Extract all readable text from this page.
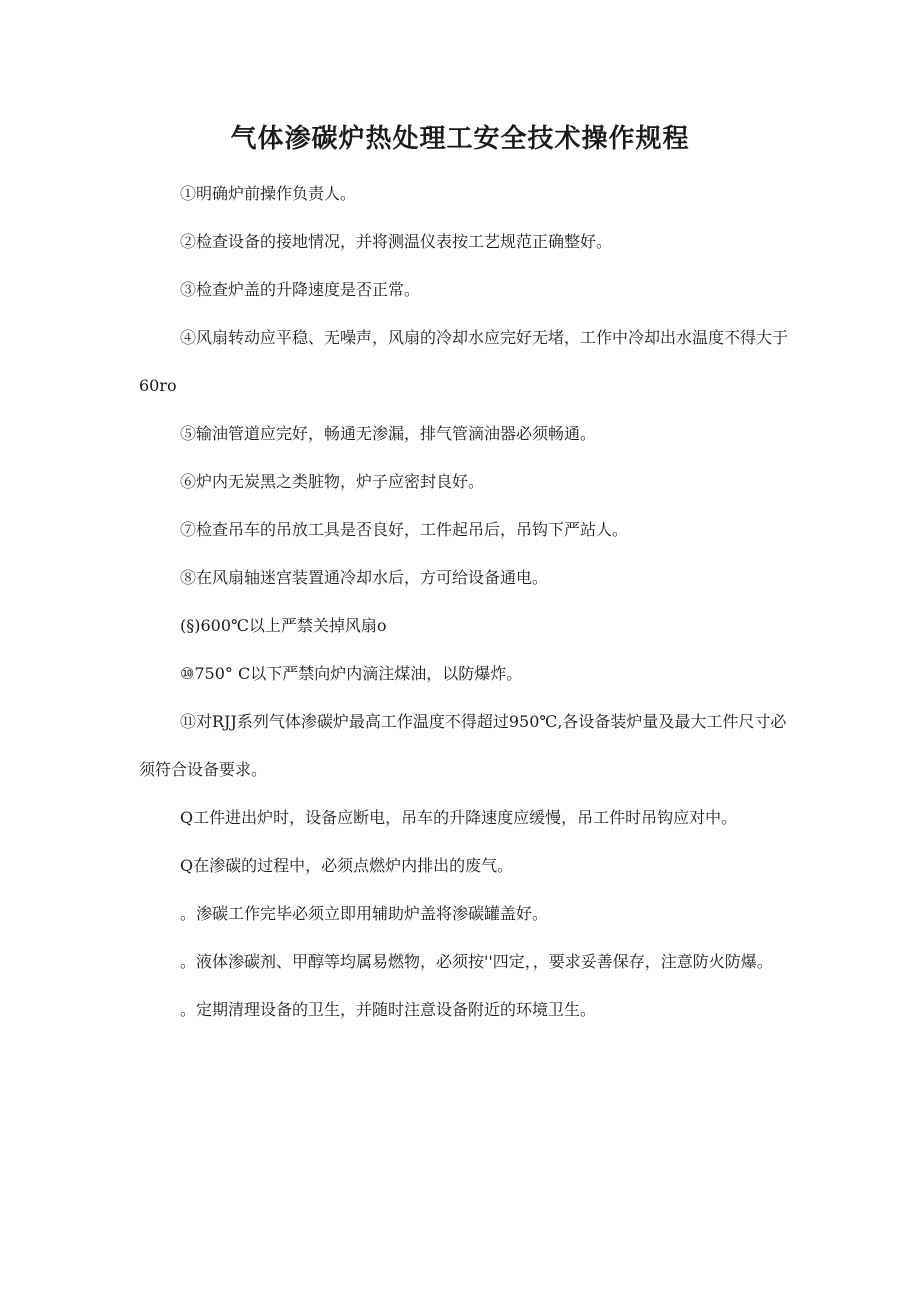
气体渗碳炉热处理工安全技术操作规程

①明确炉前操作负责人。

②检查设备的接地情况，并将测温仪表按工艺规范正确整好。

③检查炉盖的升降速度是否正常。

④风扇转动应平稳、无噪声，风扇的冷却水应完好无堵，工作中冷却出水温度不得大于60ro

⑤输油管道应完好，畅通无渗漏，排气管滴油器必须畅通。

⑥炉内无炭黑之类脏物，炉子应密封良好。

⑦检查吊车的吊放工具是否良好，工件起吊后，吊钩下严站人。

⑧在风扇轴迷宫装置通冷却水后，方可给设备通电。

(§)600℃以上严禁关掉风扇o

⑩750° C以下严禁向炉内滴注煤油，以防爆炸。

⑪对RJJ系列气体渗碳炉最高工作温度不得超过950℃,各设备装炉量及最大工件尺寸必须符合设备要求。

Q工件进出炉时，设备应断电，吊车的升降速度应缓慢，吊工件时吊钩应对中。

Q在渗碳的过程中，必须点燃炉内排出的废气。

。渗碳工作完毕必须立即用辅助炉盖将渗碳罐盖好。

。液体渗碳剂、甲醇等均属易燃物，必须按''四定，，要求妥善保存，注意防火防爆。

。定期清理设备的卫生，并随时注意设备附近的环境卫生。
